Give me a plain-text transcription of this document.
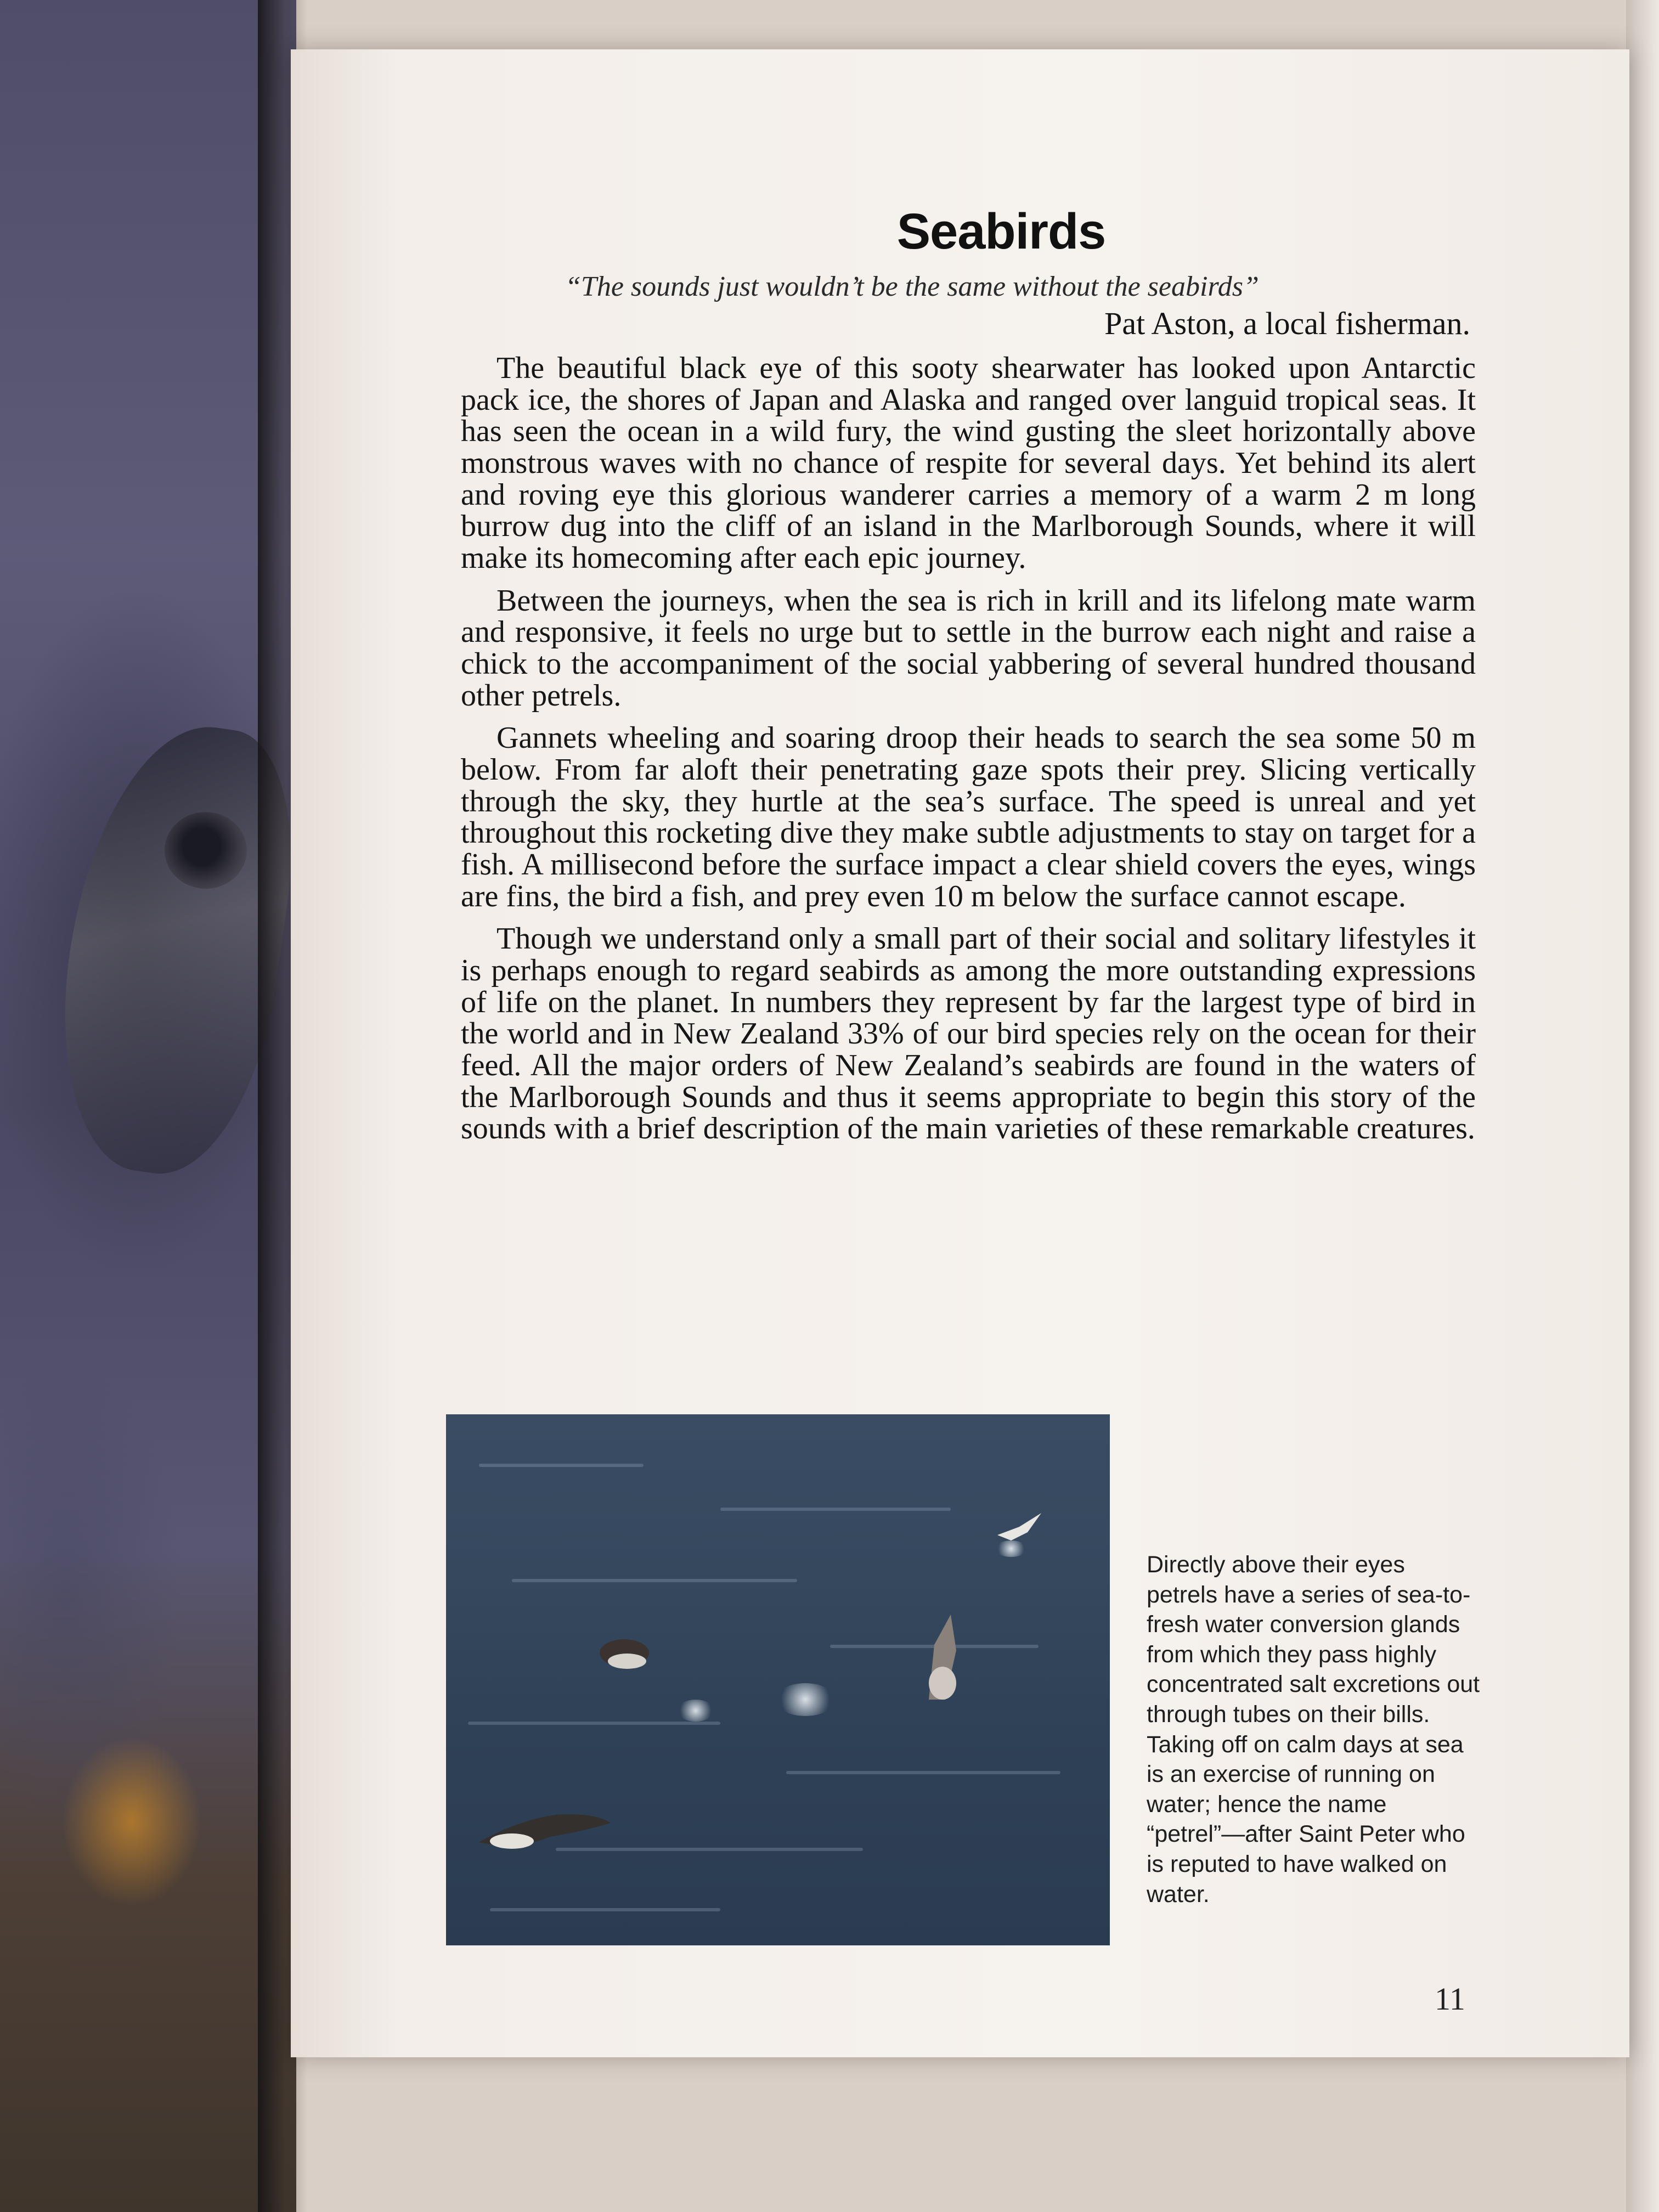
Seabirds
“The sounds just wouldn’t be the same without the seabirds”
Pat Aston, a local fisherman.

The beautiful black eye of this sooty shearwater has looked upon Antarctic pack ice, the shores of Japan and Alaska and ranged over languid tropical seas. It has seen the ocean in a wild fury, the wind gusting the sleet horizontally above monstrous waves with no chance of respite for several days. Yet behind its alert and roving eye this glorious wanderer carries a memory of a warm 2 m long burrow dug into the cliff of an island in the Marlborough Sounds, where it will make its homecoming after each epic journey.

Between the journeys, when the sea is rich in krill and its lifelong mate warm and responsive, it feels no urge but to settle in the burrow each night and raise a chick to the accompaniment of the social yabbering of several hundred thousand other petrels.

Gannets wheeling and soaring droop their heads to search the sea some 50 m below. From far aloft their penetrating gaze spots their prey. Slicing vertically through the sky, they hurtle at the sea’s surface. The speed is unreal and yet throughout this rocketing dive they make subtle adjustments to stay on target for a fish. A millisecond before the surface impact a clear shield covers the eyes, wings are fins, the bird a fish, and prey even 10 m below the surface cannot escape.

Though we understand only a small part of their social and solitary lifestyles it is perhaps enough to regard seabirds as among the more outstanding expressions of life on the planet. In numbers they represent by far the largest type of bird in the world and in New Zealand 33% of our bird species rely on the ocean for their feed. All the major orders of New Zealand’s seabirds are found in the waters of the Marlborough Sounds and thus it seems appropriate to begin this story of the sounds with a brief description of the main varieties of these remarkable creatures.

Directly above their eyes petrels have a series of sea-to-fresh water conversion glands from which they pass highly concentrated salt excretions out through tubes on their bills. Taking off on calm days at sea is an exercise of running on water; hence the name “petrel”—after Saint Peter who is reputed to have walked on water.
11
